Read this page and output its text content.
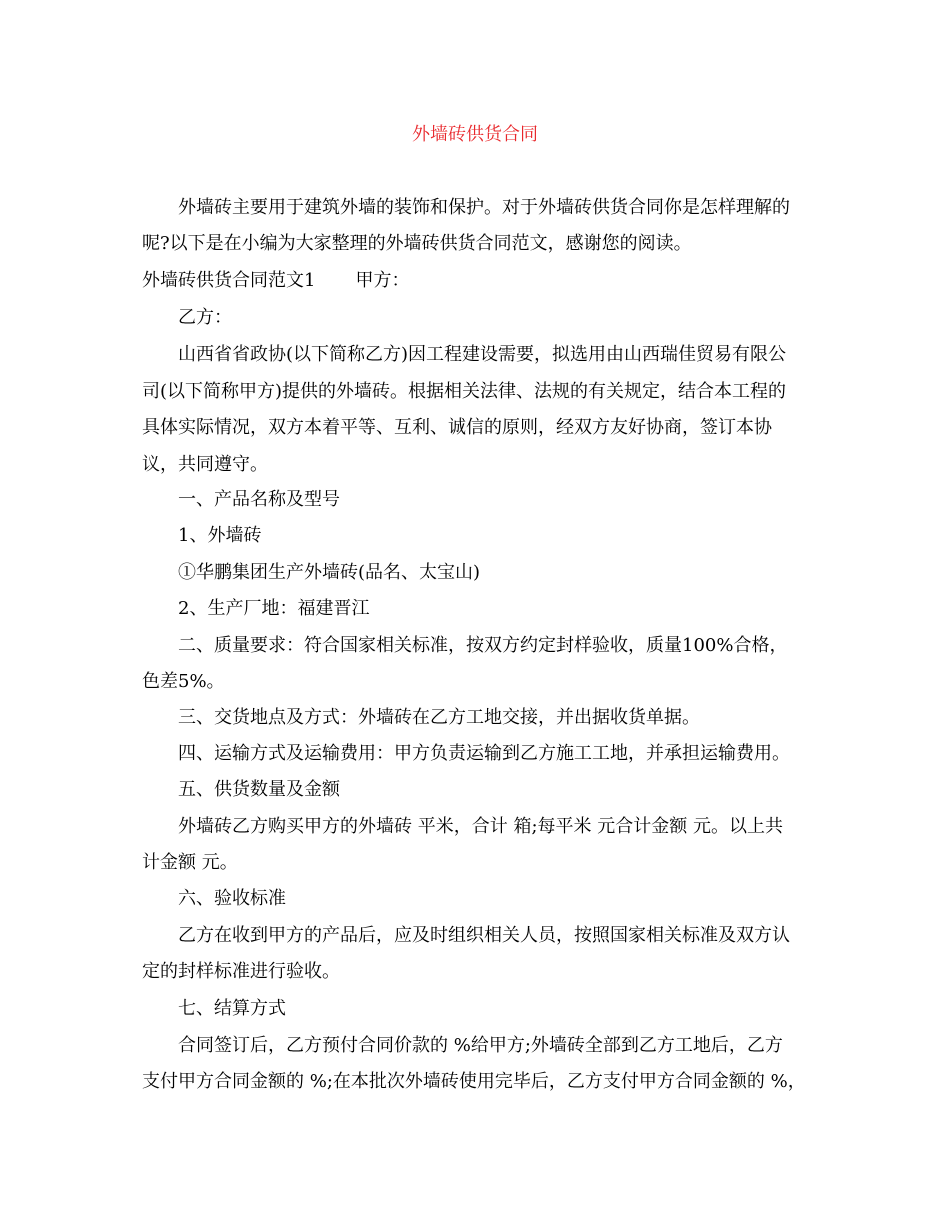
外墙砖供货合同
外墙砖主要用于建筑外墙的装饰和保护。对于外墙砖供货合同你是怎样理解的
呢?以下是在小编为大家整理的外墙砖供货合同范文，感谢您的阅读。
外墙砖供货合同范文1 甲方：
乙方：
山西省省政协(以下简称乙方)因工程建设需要，拟选用由山西瑞佳贸易有限公
司(以下简称甲方)提供的外墙砖。根据相关法律、法规的有关规定，结合本工程的
具体实际情况，双方本着平等、互利、诚信的原则，经双方友好协商，签订本协
议，共同遵守。
一、产品名称及型号
1、外墙砖
①华鹏集团生产外墙砖(品名、太宝山)
2、生产厂地：福建晋江
二、质量要求：符合国家相关标准，按双方约定封样验收，质量100%合格，
色差5%。
三、交货地点及方式：外墙砖在乙方工地交接，并出据收货单据。
四、运输方式及运输费用：甲方负责运输到乙方施工工地，并承担运输费用。
五、供货数量及金额
外墙砖乙方购买甲方的外墙砖 平米，合计 箱;每平米 元合计金额 元。以上共
计金额 元。
六、验收标准
乙方在收到甲方的产品后，应及时组织相关人员，按照国家相关标准及双方认
定的封样标准进行验收。
七、结算方式
合同签订后，乙方预付合同价款的 %给甲方;外墙砖全部到乙方工地后，乙方
支付甲方合同金额的 %;在本批次外墙砖使用完毕后，乙方支付甲方合同金额的 %，
